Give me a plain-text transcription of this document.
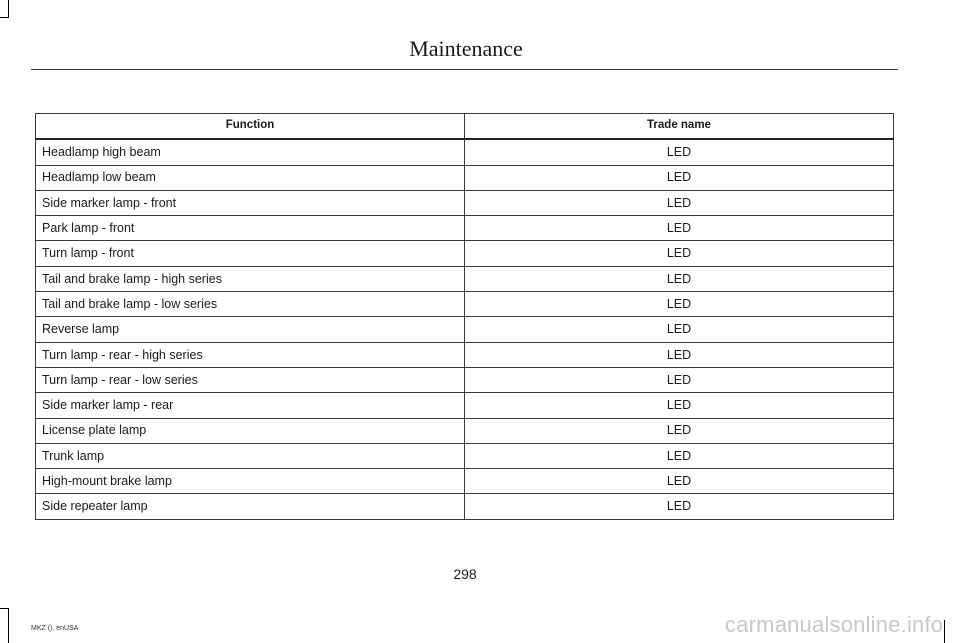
Maintenance
Function	Trade name
Headlamp high beam	LED
Headlamp low beam	LED
Side marker lamp - front	LED
Park lamp - front	LED
Turn lamp - front	LED
Tail and brake lamp - high series	LED
Tail and brake lamp - low series	LED
Reverse lamp	LED
Turn lamp - rear - high series	LED
Turn lamp - rear - low series	LED
Side marker lamp - rear	LED
License plate lamp	LED
Trunk lamp	LED
High-mount brake lamp	LED
Side repeater lamp	LED
298
MKZ (), enUSA	carmanualsonline.info
